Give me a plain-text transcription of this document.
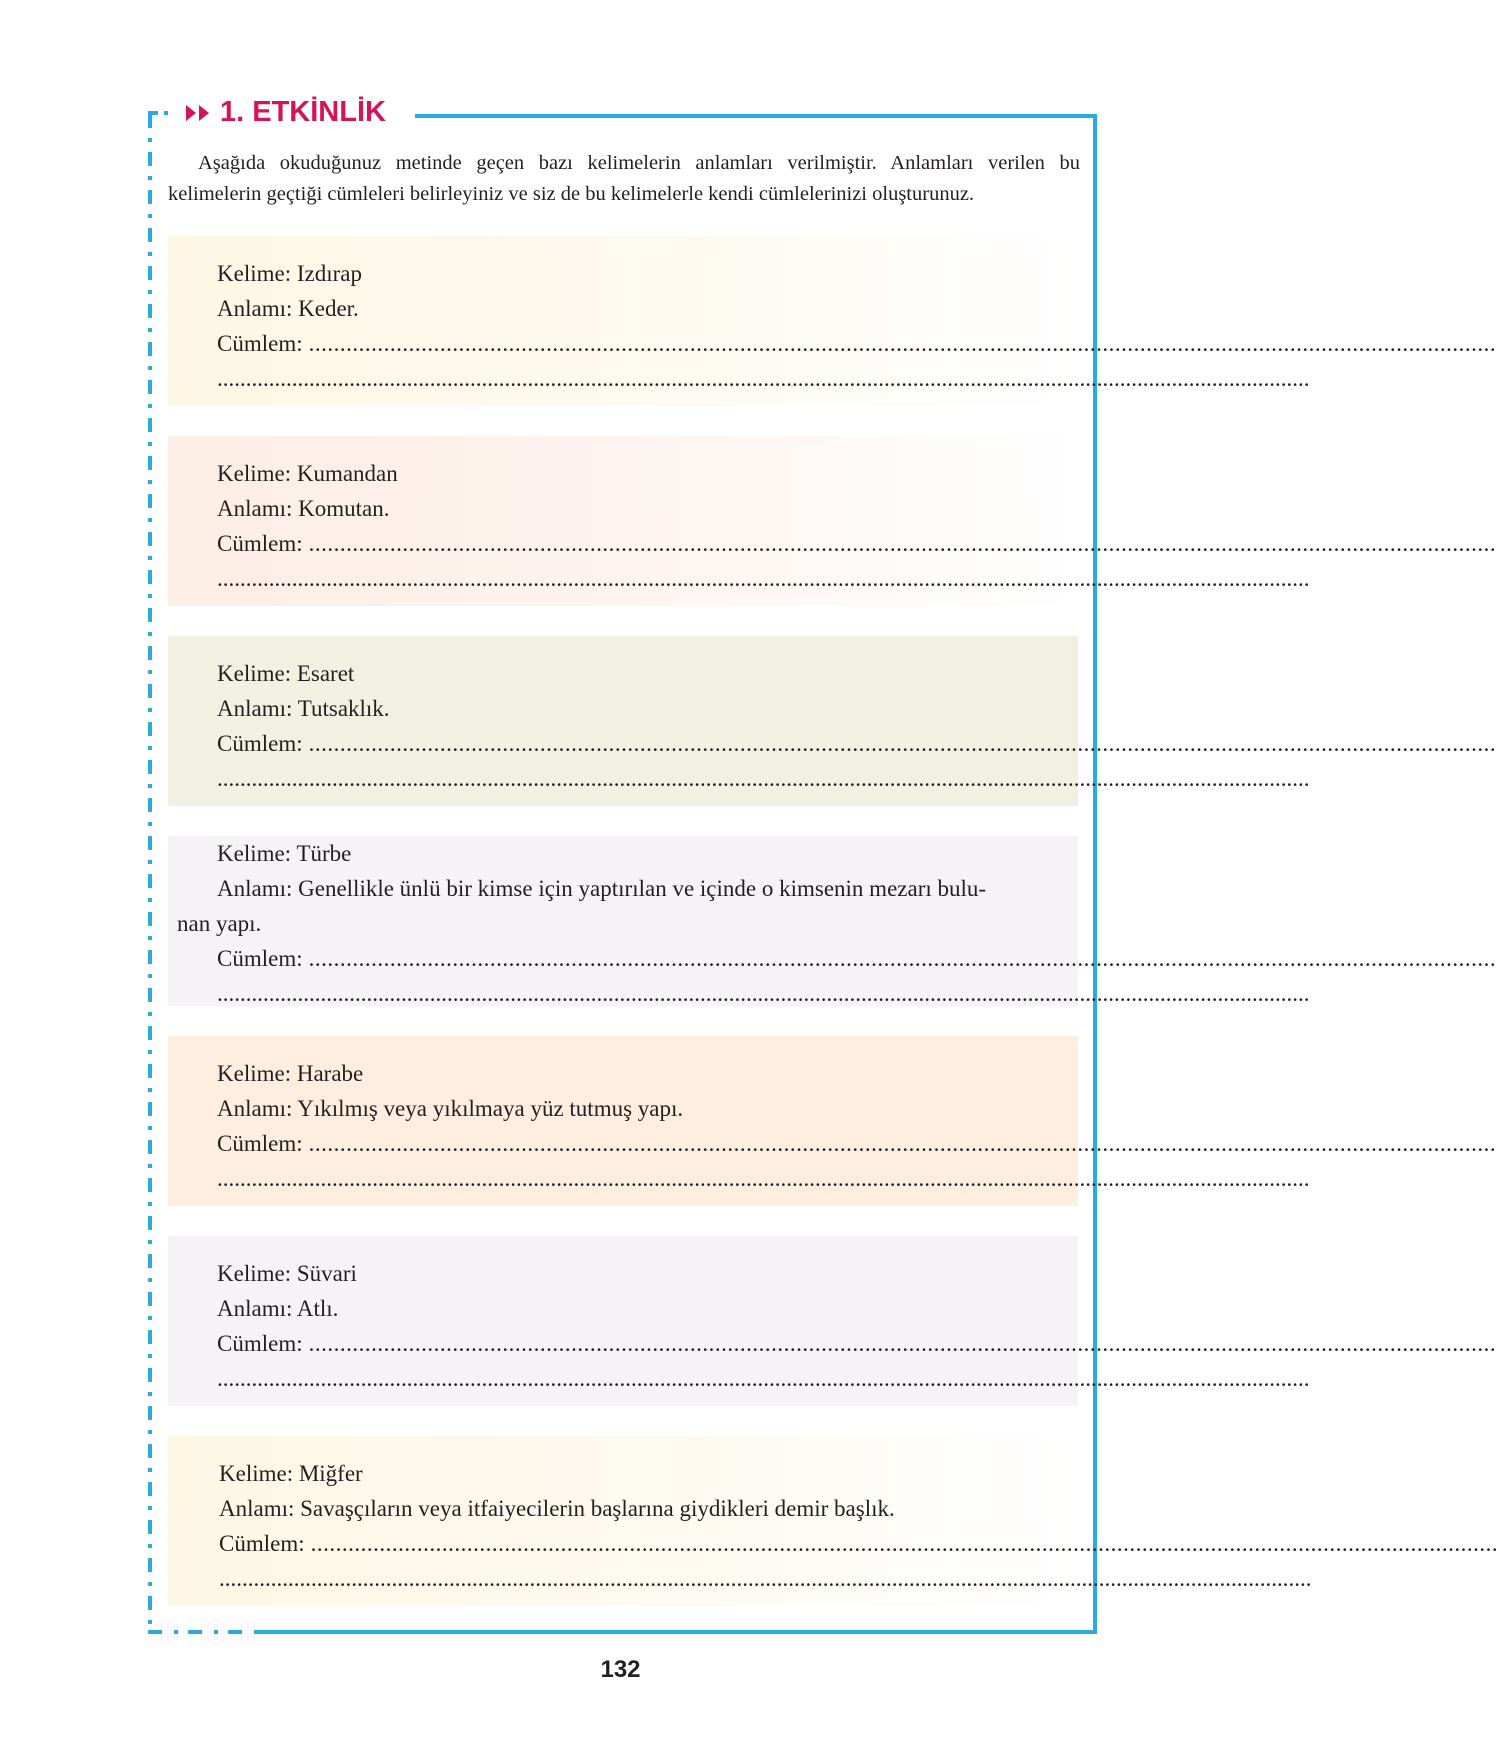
1. ETKİNLİK
Aşağıda okuduğunuz metinde geçen bazı kelimelerin anlamları verilmiştir. Anlamları verilen bu kelimelerin geçtiği cümleleri belirleyiniz ve siz de bu kelimelerle kendi cümlelerinizi oluşturunuz.
Kelime: Izdırap
Anlamı: Keder.
Cümlem: ..............................................................................................................................................................................................
..............................................................................................................................................................................................
Kelime: Kumandan
Anlamı: Komutan.
Cümlem: ..............................................................................................................................................................................................
..............................................................................................................................................................................................
Kelime: Esaret
Anlamı: Tutsaklık.
Cümlem: ..............................................................................................................................................................................................
..............................................................................................................................................................................................
Kelime: Türbe
Anlamı: Genellikle ünlü bir kimse için yaptırılan ve içinde o kimsenin mezarı bulu-
nan yapı.
Cümlem: ..............................................................................................................................................................................................
..............................................................................................................................................................................................
Kelime: Harabe
Anlamı: Yıkılmış veya yıkılmaya yüz tutmuş yapı.
Cümlem: ..............................................................................................................................................................................................
..............................................................................................................................................................................................
Kelime: Süvari
Anlamı: Atlı.
Cümlem: ..............................................................................................................................................................................................
..............................................................................................................................................................................................
Kelime: Miğfer
Anlamı: Savaşçıların veya itfaiyecilerin başlarına giydikleri demir başlık.
Cümlem: ..............................................................................................................................................................................................
..............................................................................................................................................................................................
132
